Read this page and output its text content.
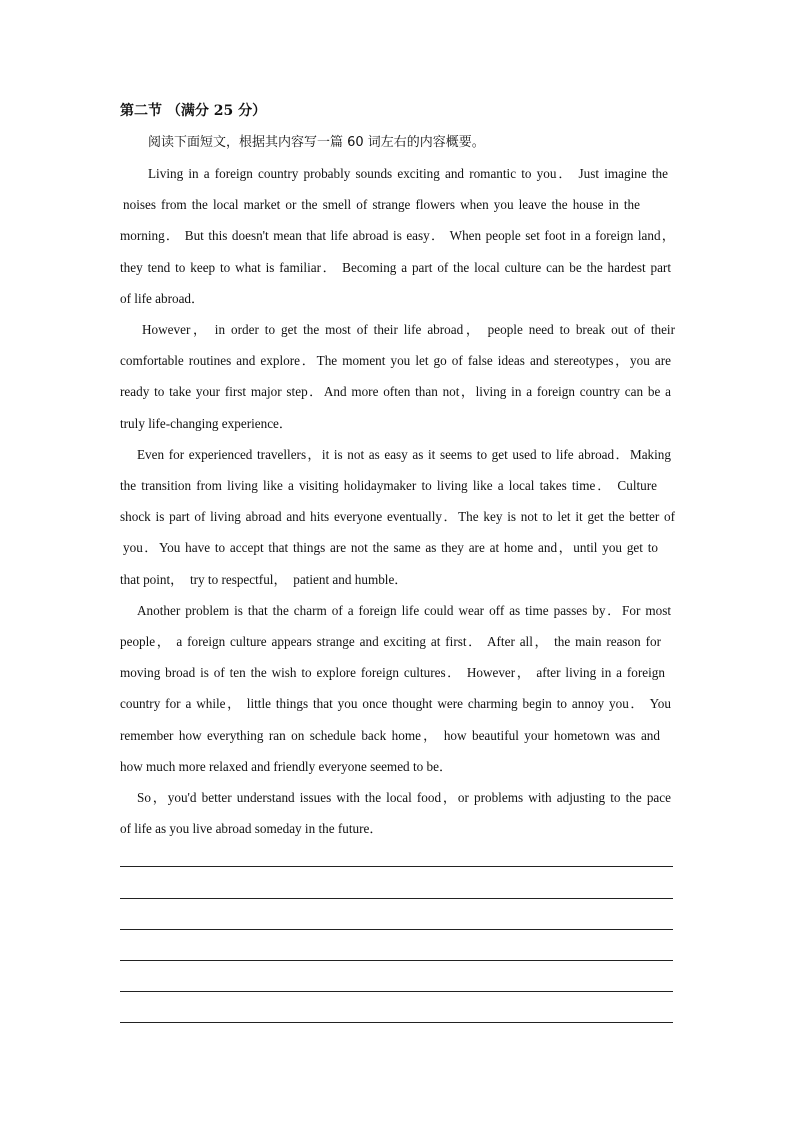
第二节 （满分 25 分）
阅读下面短文，根据其内容写一篇 60 词左右的内容概要。
Living in a foreign country probably sounds exciting and romantic to you． Just imagine the
noises from the local market or the smell of strange flowers when you leave the house in the
morning． But this doesn't mean that life abroad is easy． When people set foot in a foreign land，
they tend to keep to what is familiar． Becoming a part of the local culture can be the hardest part
of life abroad．
However， in order to get the most of their life abroad， people need to break out of their
comfortable routines and explore．The moment you let go of false ideas and stereotypes，you are
ready to take your first major step．And more often than not，living in a foreign country can be a
truly life-changing experience．
Even for experienced travellers，it is not as easy as it seems to get used to life abroad．Making
the transition from living like a visiting holidaymaker to living like a local takes time． Culture
shock is part of living abroad and hits everyone eventually．The key is not to let it get the better of
you．You have to accept that things are not the same as they are at home and，until you get to
that point，  try to respectful，  patient and humble．
Another problem is that the charm of a foreign life could wear off as time passes by．For most
people， a foreign culture appears strange and exciting at first． After all， the main reason for
moving broad is of ten the wish to explore foreign cultures． However， after living in a foreign
country for a while， little things that you once thought were charming begin to annoy you． You
remember how everything ran on schedule back home， how beautiful your hometown was and
how much more relaxed and friendly everyone seemed to be．
So，you'd better understand issues with the local food，or problems with adjusting to the pace
of life as you live abroad someday in the future．
